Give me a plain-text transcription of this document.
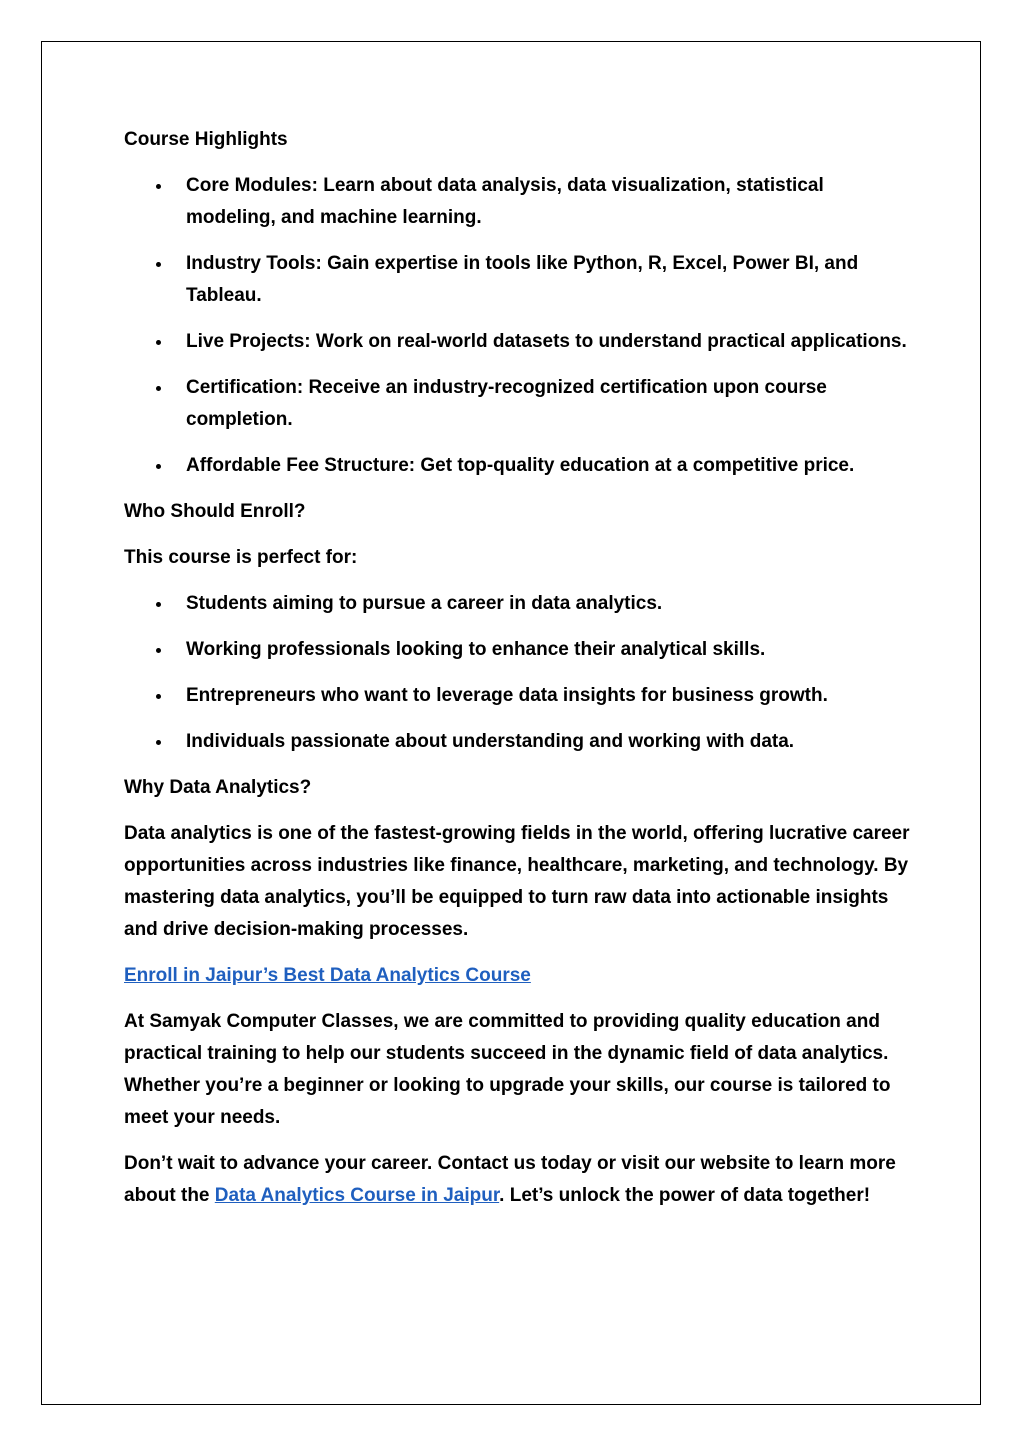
Course Highlights

Core Modules: Learn about data analysis, data visualization, statistical modeling, and machine learning.
Industry Tools: Gain expertise in tools like Python, R, Excel, Power BI, and Tableau.
Live Projects: Work on real-world datasets to understand practical applications.
Certification: Receive an industry-recognized certification upon course completion.
Affordable Fee Structure: Get top-quality education at a competitive price.

Who Should Enroll?

This course is perfect for:

Students aiming to pursue a career in data analytics.
Working professionals looking to enhance their analytical skills.
Entrepreneurs who want to leverage data insights for business growth.
Individuals passionate about understanding and working with data.

Why Data Analytics?

Data analytics is one of the fastest-growing fields in the world, offering lucrative career opportunities across industries like finance, healthcare, marketing, and technology. By mastering data analytics, you’ll be equipped to turn raw data into actionable insights and drive decision-making processes.

Enroll in Jaipur’s Best Data Analytics Course

At Samyak Computer Classes, we are committed to providing quality education and practical training to help our students succeed in the dynamic field of data analytics. Whether you’re a beginner or looking to upgrade your skills, our course is tailored to meet your needs.

Don’t wait to advance your career. Contact us today or visit our website to learn more about the Data Analytics Course in Jaipur. Let’s unlock the power of data together!
